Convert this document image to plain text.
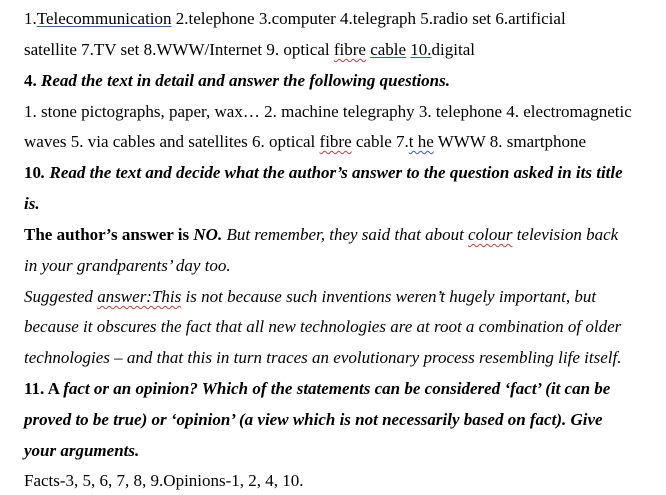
1.Telecommunication 2.telephone 3.computer 4.telegraph 5.radio set 6.artificial
satellite 7.TV set 8.WWW/Internet 9. optical fibre cable 10.digital
4. Read the text in detail and answer the following questions.
1. stone pictographs, paper, wax… 2. machine telegraphy 3. telephone 4. electromagnetic
waves 5. via cables and satellites 6. optical fibre cable 7.t he WWW 8. smartphone
10. Read the text and decide what the author’s answer to the question asked in its title
is.
The author’s answer is NO. But remember, they said that about colour television back
in your grandparents’ day too.
Suggested answer:This is not because such inventions weren’t hugely important, but
because it obscures the fact that all new technologies are at root a combination of older
technologies – and that this in turn traces an evolutionary process resembling life itself.
11. A fact or an opinion? Which of the statements can be considered ‘fact’ (it can be
proved to be true) or ‘opinion’ (a view which is not necessarily based on fact). Give
your arguments.
Facts-3, 5, 6, 7, 8, 9.Opinions-1, 2, 4, 10.
